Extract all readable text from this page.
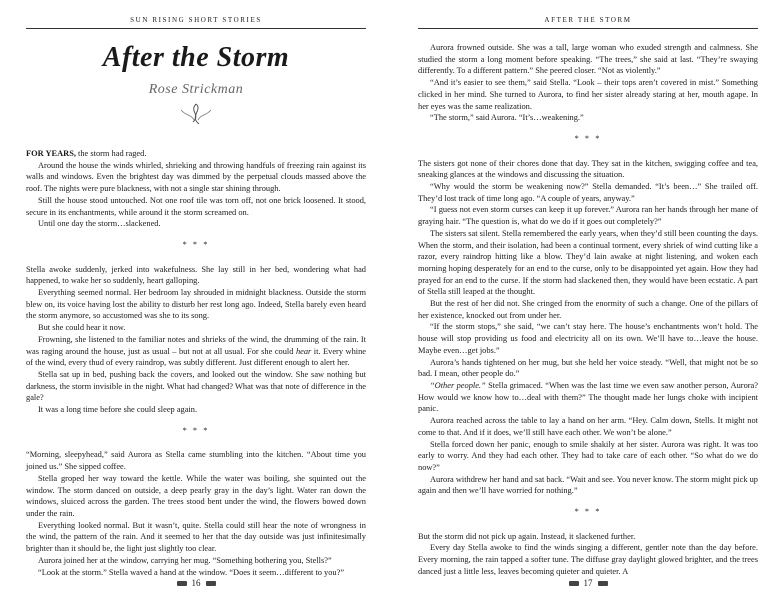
SUN RISING SHORT STORIES
After the Storm
Rose Strickman

FOR YEARS, the storm had raged.

Around the house the winds whirled, shrieking and throwing handfuls of freezing rain against its walls and windows. Even the brightest day was dimmed by the perpetual clouds massed above the roof. The nights were pure blackness, with not a single star shining through.

Still the house stood untouched. Not one roof tile was torn off, not one brick loosened. It stood, secure in its enchantments, while around it the storm screamed on.

Until one day the storm…slackened.

* * *

Stella awoke suddenly, jerked into wakefulness. She lay still in her bed, wondering what had happened, to wake her so suddenly, heart galloping.

Everything seemed normal. Her bedroom lay shrouded in midnight blackness. Outside the storm blew on, its voice having lost the ability to disturb her rest long ago. Indeed, Stella barely even heard the storm anymore, so accustomed was she to its song.

But she could hear it now.

Frowning, she listened to the familiar notes and shrieks of the wind, the drumming of the rain. It was raging around the house, just as usual – but not at all usual. For she could hear it. Every whine of the wind, every thud of every raindrop, was subtly different. Just different enough to alert her.

Stella sat up in bed, pushing back the covers, and looked out the window. She saw nothing but darkness, the storm invisible in the night. What had changed? What was that note of difference in the gale?

It was a long time before she could sleep again.

* * *

“Morning, sleepyhead,” said Aurora as Stella came stumbling into the kitchen. “About time you joined us.” She sipped coffee.

Stella groped her way toward the kettle. While the water was boiling, she squinted out the window. The storm danced on outside, a deep pearly gray in the day’s light. Water ran down the windows, sluiced across the garden. The trees stood bent under the wind, the flowers bowed down under the rain.

Everything looked normal. But it wasn’t, quite. Stella could still hear the note of wrongness in the wind, the pattern of the rain. And it seemed to her that the day outside was just infinitesimally brighter than it should be, the light just slightly too clear.

Aurora joined her at the window, carrying her mug. “Something bothering you, Stells?”

“Look at the storm.” Stella waved a hand at the window. “Does it seem…different to you?”

16
AFTER THE STORM

Aurora frowned outside. She was a tall, large woman who exuded strength and calmness. She studied the storm a long moment before speaking. “The trees,” she said at last. “They’re swaying differently. To a different pattern.” She peered closer. “Not as violently.”

“And it’s easier to see them,” said Stella. “Look – their tops aren’t covered in mist.” Something clicked in her mind. She turned to Aurora, to find her sister already staring at her, mouth agape. In her eyes was the same realization.

“The storm,” said Aurora. “It’s…weakening.”

* * *

The sisters got none of their chores done that day. They sat in the kitchen, swigging coffee and tea, sneaking glances at the windows and discussing the situation.

“Why would the storm be weakening now?” Stella demanded. “It’s been…” She trailed off. They’d lost track of time long ago. “A couple of years, anyway.”

“I guess not even storm curses can keep it up forever.” Aurora ran her hands through her mane of graying hair. “The question is, what do we do if it goes out completely?”

The sisters sat silent. Stella remembered the early years, when they’d still been counting the days. When the storm, and their isolation, had been a continual torment, every shriek of wind cutting like a razor, every raindrop hitting like a blow. They’d lain awake at night listening, and woken each morning hoping desperately for an end to the curse, only to be disappointed yet again. How they had prayed for an end to the curse. If the storm had slackened then, they would have been ecstatic. A part of Stella still leaped at the thought.

But the rest of her did not. She cringed from the enormity of such a change. One of the pillars of her existence, knocked out from under her.

“If the storm stops,” she said, “we can’t stay here. The house’s enchantments won’t hold. The house will stop providing us food and electricity all on its own. We’ll have to…leave the house. Maybe even…get jobs.”

Aurora’s hands tightened on her mug, but she held her voice steady. “Well, that might not be so bad. I mean, other people do.”

“Other people.” Stella grimaced. “When was the last time we even saw another person, Aurora? How would we know how to…deal with them?” The thought made her lungs choke with incipient panic.

Aurora reached across the table to lay a hand on her arm. “Hey. Calm down, Stells. It might not come to that. And if it does, we’ll still have each other. We won’t be alone.”

Stella forced down her panic, enough to smile shakily at her sister. Aurora was right. It was too early to worry. And they had each other. They had to take care of each other. “So what do we do now?”

Aurora withdrew her hand and sat back. “Wait and see. You never know. The storm might pick up again and then we’ll have worried for nothing.”

* * *

But the storm did not pick up again. Instead, it slackened further.

Every day Stella awoke to find the winds singing a different, gentler note than the day before. Every morning, the rain tapped a softer tune. The diffuse gray daylight glowed brighter, and the trees danced just a little less, leaves becoming quieter and quieter. A

17
